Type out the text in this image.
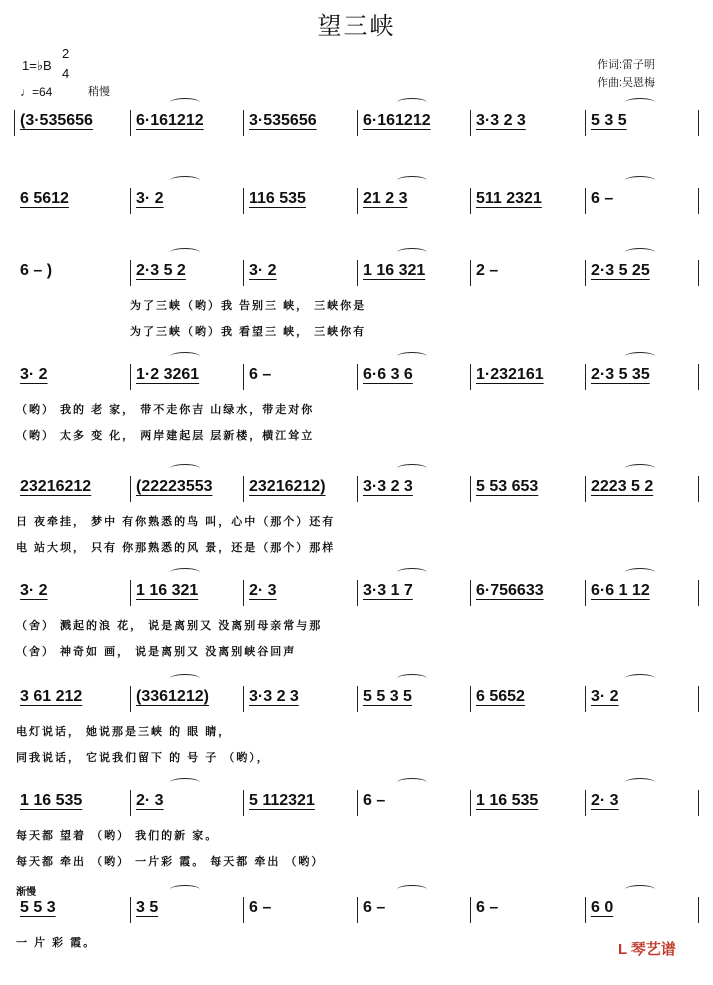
望三峡
1=♭B
2
4
♩=64	稍慢
作词:雷子明
作曲:吴恩梅
(3·535656	6·161212	3·535656	6·161212	3·3 2 3	5 3 5
6 5612	3· 2	116 535	21 2 3	511 2321	6 –
6 – )	2·3 5 2	3· 2	1 16 321	2 –	2·3 5 25
为了三峡（哟）我 告别三 峡， 三峡你是
为了三峡（哟）我 看望三 峡， 三峡你有
3· 2	1·2 3261	6 –	6·6 3 6	1·232161	2·3 5 35
（哟） 我的 老 家， 带不走你吉 山绿水，带走对你
（哟） 太多 变 化， 两岸建起层 层新楼，横江耸立
23216212	(22223553 23216212) 3·3 2 3	5 53 653	2223 5 2
日 夜牵挂， 梦中 有你熟悉的鸟 叫，心中（那个）还有
电 站大坝， 只有 你那熟悉的风 景，还是（那个）那样
3· 2	1 16 321	2· 3	3·3 1 7	6·756633	6·6 1 12
（舍） 溅起的浪 花， 说是离别又 没离别母亲常与那
（舍） 神奇如 画， 说是离别又 没离别峡谷回声
3 61 212	(3361212)	3·3 2 3	5 5 3 5	6 5652	3· 2
电灯说话， 她说那是三峡 的 眼 睛，
同我说话， 它说我们留下 的 号 子 （哟），
1 16 535	2· 3	5 112321	6 –	1 16 535	2· 3
每天都 望着 （哟） 我们的新 家。
每天都 牵出 （哟） 一片彩 霞。 每天都 牵出 （哟）
5 5 3	3 5	6 –	6 –	6 –	6 0
一 片 彩 霞。
渐慢
L 琴艺谱
